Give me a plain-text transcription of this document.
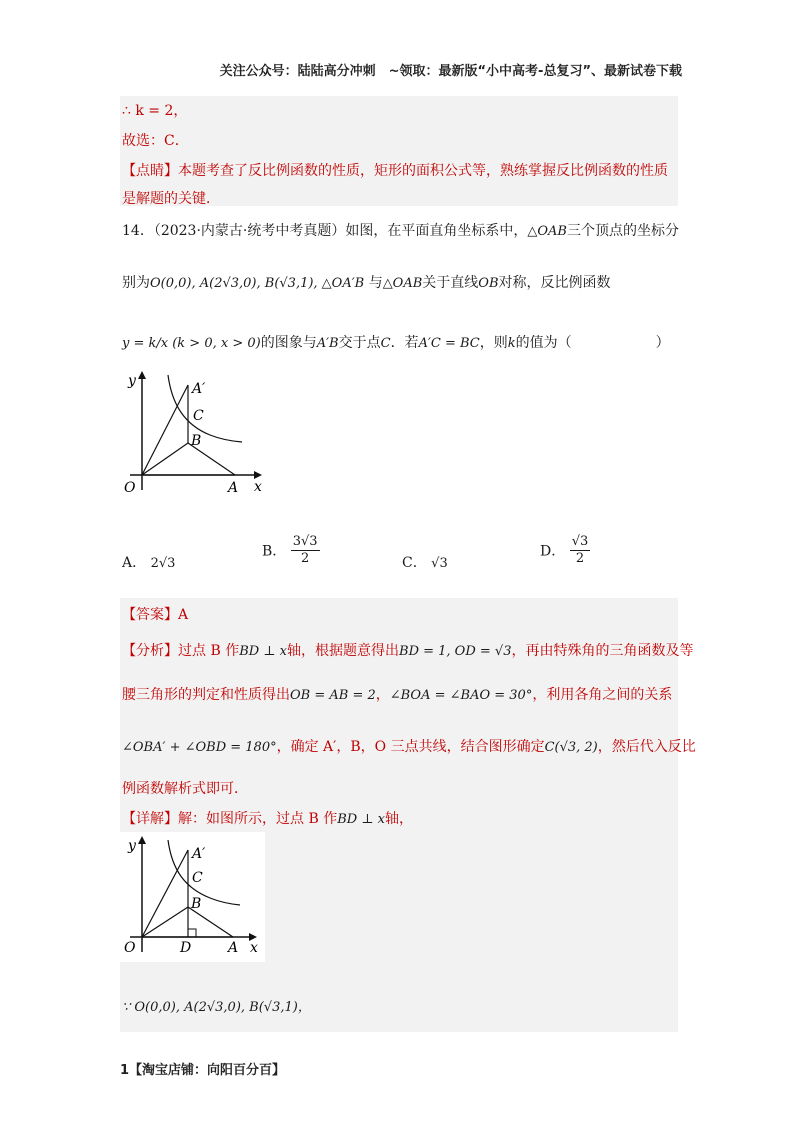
关注公众号：陆陆高分冲刺　~领取：最新版“小中高考-总复习”、最新试卷下载
∴ k = 2，
故选：C．
【点睛】本题考查了反比例函数的性质，矩形的面积公式等，熟练掌握反比例函数的性质
是解题的关键．
14．（2023·内蒙古·统考中考真题）如图，在平面直角坐标系中，△OAB三个顶点的坐标分
别为O(0,0), A(2√3,0), B(√3,1), △OA′B 与△OAB关于直线OB对称，反比例函数
y = k/x (k > 0, x > 0)的图象与A′B交于点C．若A′C = BC，则k的值为（　　　　　　）
y
x
O	A
A′
C
B
A． 2√3
B． $\frac{3√3}{2}$	C． √3
D． $\frac{√3}{2}$
【答案】A
【分析】过点 B 作BD ⊥ x轴，根据题意得出BD = 1, OD = √3，再由特殊角的三角函数及等
腰三角形的判定和性质得出OB = AB = 2，∠BOA = ∠BAO = 30°，利用各角之间的关系
∠OBA′ + ∠OBD = 180°，确定 A′，B，O 三点共线，结合图形确定C(√3, 2)，然后代入反比
例函数解析式即可．
【详解】解：如图所示，过点 B 作BD ⊥ x轴，
y
x
O	D	A
A′
C
B
∵ O(0,0), A(2√3,0), B(√3,1)，
1【淘宝店铺：向阳百分百】
